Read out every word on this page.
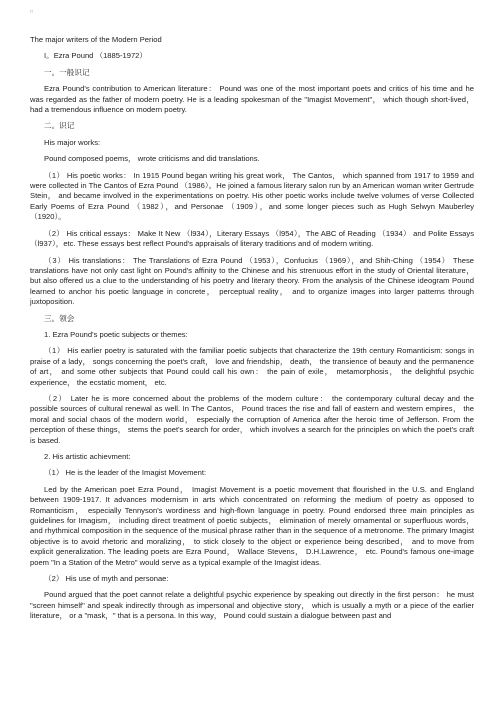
□

The major writers of the Modern Period

I。Ezra Pound （1885-1972）

一。一般识记

Ezra Pound's contribution to American literature： Pound was one of the most important poets and critics of his time and he was regarded as the father of modern poetry. He is a leading spokesman of the "Imagist Movement"， which though short-lived， had a tremendous influence on modern poetry.

二。识记

His major works:

Pound composed poems， wrote criticisms and did translations.

（1） His poetic works： In 1915 Pound began writing his great work， The Cantos， which spanned from 1917 to 1959 and were collected in The Cantos of Ezra Pound （1986）。He joined a famous literary salon run by an American woman writer Gertrude Stein， and became involved in the experimentations on poetry. His other poetic works include twelve volumes of verse Collected Early Poems of Ezra Pound （1982），and Personae （1909），and some longer pieces such as Hugh Selwyn Mauberley （1920）。

（2） His critical essays： Make It New （l934），Literary Essays （l954），The ABC of Reading （1934） and Polite Essays （l937），etc. These essays best reflect Pound's appraisals of literary traditions and of modern writing.

（3） His translations： The Translations of Ezra Pound （1953），Confucius （1969），and Shih-Ching （1954） These translations have not only cast light on Pound's affinity to the Chinese and his strenuous effort in the study of Oriental literature， but also offered us a clue to the understanding of his poetry and literary theory. From the analysis of the Chinese ideogram Pound learned to anchor his poetic language in concrete， perceptual reality， and to organize images into larger patterns through juxtoposition.

三。领会

1. Ezra Pound's poetic subjects or themes:

（1） His earlier poetry is saturated with the familiar poetic subjects that characterize the 19th century Romanticism: songs in praise of a lady， songs concerning the poet's craft， love and friendship， death， the transience of beauty and the permanence of art， and some other subjects that Pound could call his own： the pain of exile， metamorphosis， the delightful psychic experience， the ecstatic moment， etc.

（2） Later he is more concerned about the problems of the modern culture： the contemporary cultural decay and the possible sources of cultural renewal as well. In The Cantos， Pound traces the rise and fall of eastern and western empires， the moral and social chaos of the modern world， especially the corruption of America after the heroic time of Jefferson. From the perception of these things， stems the poet's search for order， which involves a search for the principles on which the poet's craft is based.

2. His artistic achievment:

（1） He is the leader of the Imagist Movement:

Led by the American poet Ezra Pound， Imagist Movement is a poetic movement that flourished in the U.S. and England between 1909-1917. It advances modernism in arts which concentrated on reforming the medium of poetry as opposed to Romanticism， especially Tennyson's wordiness and high-flown language in poetry. Pound endorsed three main principles as guidelines for Imagism， including direct treatment of poetic subjects， elimination of merely ornamental or superfluous words， and rhythmical composition in the sequence of the musical phrase rather than in the sequence of a metronome. The primary Imagist objective is to avoid rhetoric and moralizing， to stick closely to the object or experience being described， and to move from explicit generalization. The leading poets are Ezra Pound， Wallace Stevens， D.H.Lawrence， etc. Pound's famous one-image poem "In a Station of the Metro" would serve as a typical example of the Imagist ideas.

（2） His use of myth and personae:

Pound argued that the poet cannot relate a delightful psychic experience by speaking out directly in the first person： he must "screen himself" and speak indirectly through as impersonal and objective story， which is usually a myth or a piece of the earlier literature， or a "mask，" that is a persona. In this way， Pound could sustain a dialogue between past and
